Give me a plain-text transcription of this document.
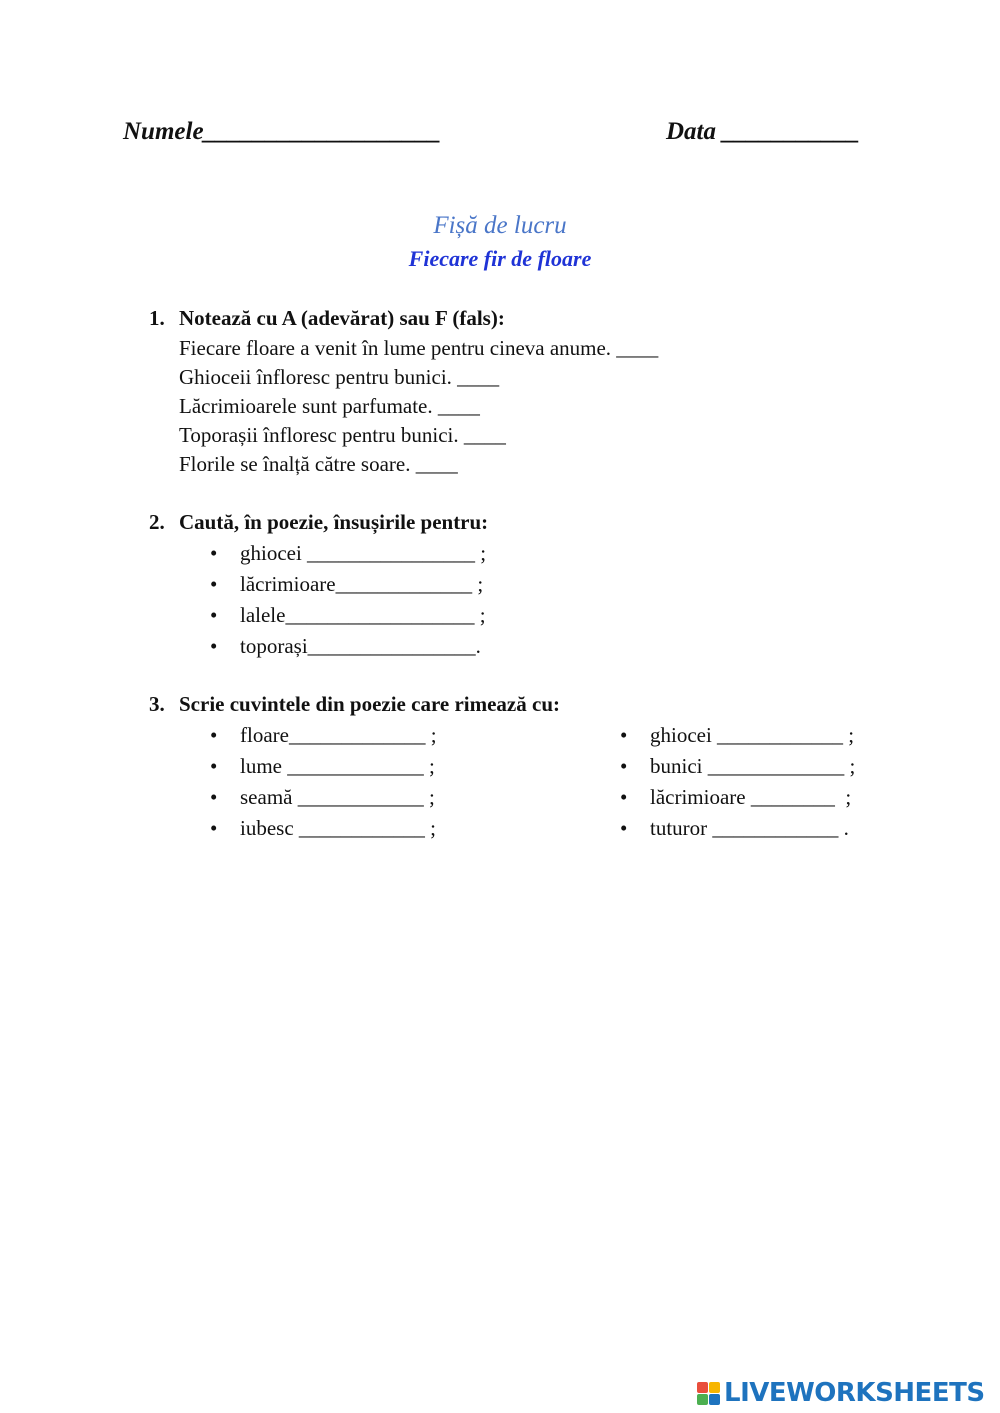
Numele___________________	Data ___________
Fișă de lucru
Fiecare fir de floare
1. Notează cu A (adevărat) sau F (fals):
Fiecare floare a venit în lume pentru cineva anume. ____
Ghioceii înfloresc pentru bunici. ____
Lăcrimioarele sunt parfumate. ____
Toporașii înfloresc pentru bunici. ____
Florile se înalță către soare. ____
2. Caută, în poezie, însușirile pentru:
•	ghiocei ________________ ;
•	lăcrimioare_____________ ;
•	lalele__________________ ;
•	toporași________________.
3. Scrie cuvintele din poezie care rimează cu:
•	floare_____________ ;
•	lume _____________ ;
•	seamă ____________ ;
•	iubesc ____________ ;
•	ghiocei ____________ ;
•	bunici _____________ ;
•	lăcrimioare ________  ;
•	tuturor ____________ .
LIVEWORKSHEETS
